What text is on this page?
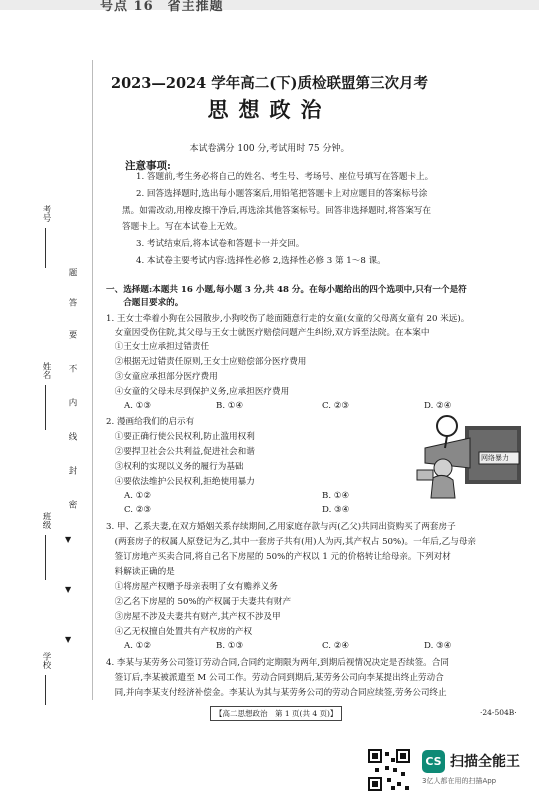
号点 16　省主推题
2023—2024 学年高二(下)质检联盟第三次月考
思想政治
本试卷满分 100 分,考试用时 75 分钟。
注意事项:
1. 答题前,考生务必将自己的姓名、考生号、考场号、座位号填写在答题卡上。
2. 回答选择题时,选出每小题答案后,用铅笔把答题卡上对应题目的答案标号涂
黑。如需改动,用橡皮擦干净后,再选涂其他答案标号。回答非选择题时,将答案写在
答题卡上。写在本试卷上无效。
3. 考试结束后,将本试卷和答题卡一并交回。
4. 本试卷主要考试内容:选择性必修 2,选择性必修 3 第 1～8 课。
考号
姓名
班级
学校
题
答
要
不
内
线
封
密
▼
▼
▼
一、选择题:本题共 16 小题,每小题 3 分,共 48 分。在每小题给出的四个选项中,只有一个是符
　　合题目要求的。
1. 王女士牵着小狗在公园散步,小狗咬伤了趁面随意行走的女童(女童的父母离女童有 20 米远)。
　女童因受伤住院,其父母与王女士就医疗赔偿问题产生纠纷,双方诉至法院。在本案中
　①王女士应承担过错责任
　②根据无过错责任原则,王女士应赔偿部分医疗费用
　③女童应承担部分医疗费用
　④女童的父母未尽到保护义务,应承担医疗费用
A. ①③	B. ①④	C. ②③	D. ②④
2. 漫画给我们的启示有
　①要正确行使公民权利,防止滥用权利
　②要捍卫社会公共利益,促进社会和谐
　③权利的实现以义务的履行为基础
　④要依法维护公民权利,拒绝使用暴力
A. ①②	B. ①④
C. ②③	D. ③④
网络暴力
3. 甲、乙系夫妻,在双方婚姻关系存续期间,乙用家庭存款与丙(乙父)共同出资购买了两套房子
　(两套房子的权属人原登记为乙,其中一套房子共有(用)人为丙,其产权占 50%)。一年后,乙与母亲
　签订房地产买卖合同,将自己名下房屋的 50%的产权以 1 元的价格转让给母亲。下列对材
　料解读正确的是
　①将房屋产权赠予母亲表明了女有赡养义务
　②乙名下房屋的 50%的产权属于夫妻共有财产
　③房屋不涉及夫妻共有财产,其产权不涉及甲
　④乙无权擅自处置共有产权房的产权
A. ①②	B. ①③	C. ②④	D. ③④
4. 李某与某劳务公司签订劳动合同,合同约定期限为两年,到期后视情况决定是否续签。合同
　签订后,李某被派遣至 M 公司工作。劳动合同到期后,某劳务公司向李某提出终止劳动合
　同,并向李某支付经济补偿金。李某认为其与某劳务公司的劳动合同应续签,劳务公司终止
【高二思想政治　第 1 页(共 4 页)】	·24-504B·
CS 扫描全能王
3亿人都在用的扫描App
